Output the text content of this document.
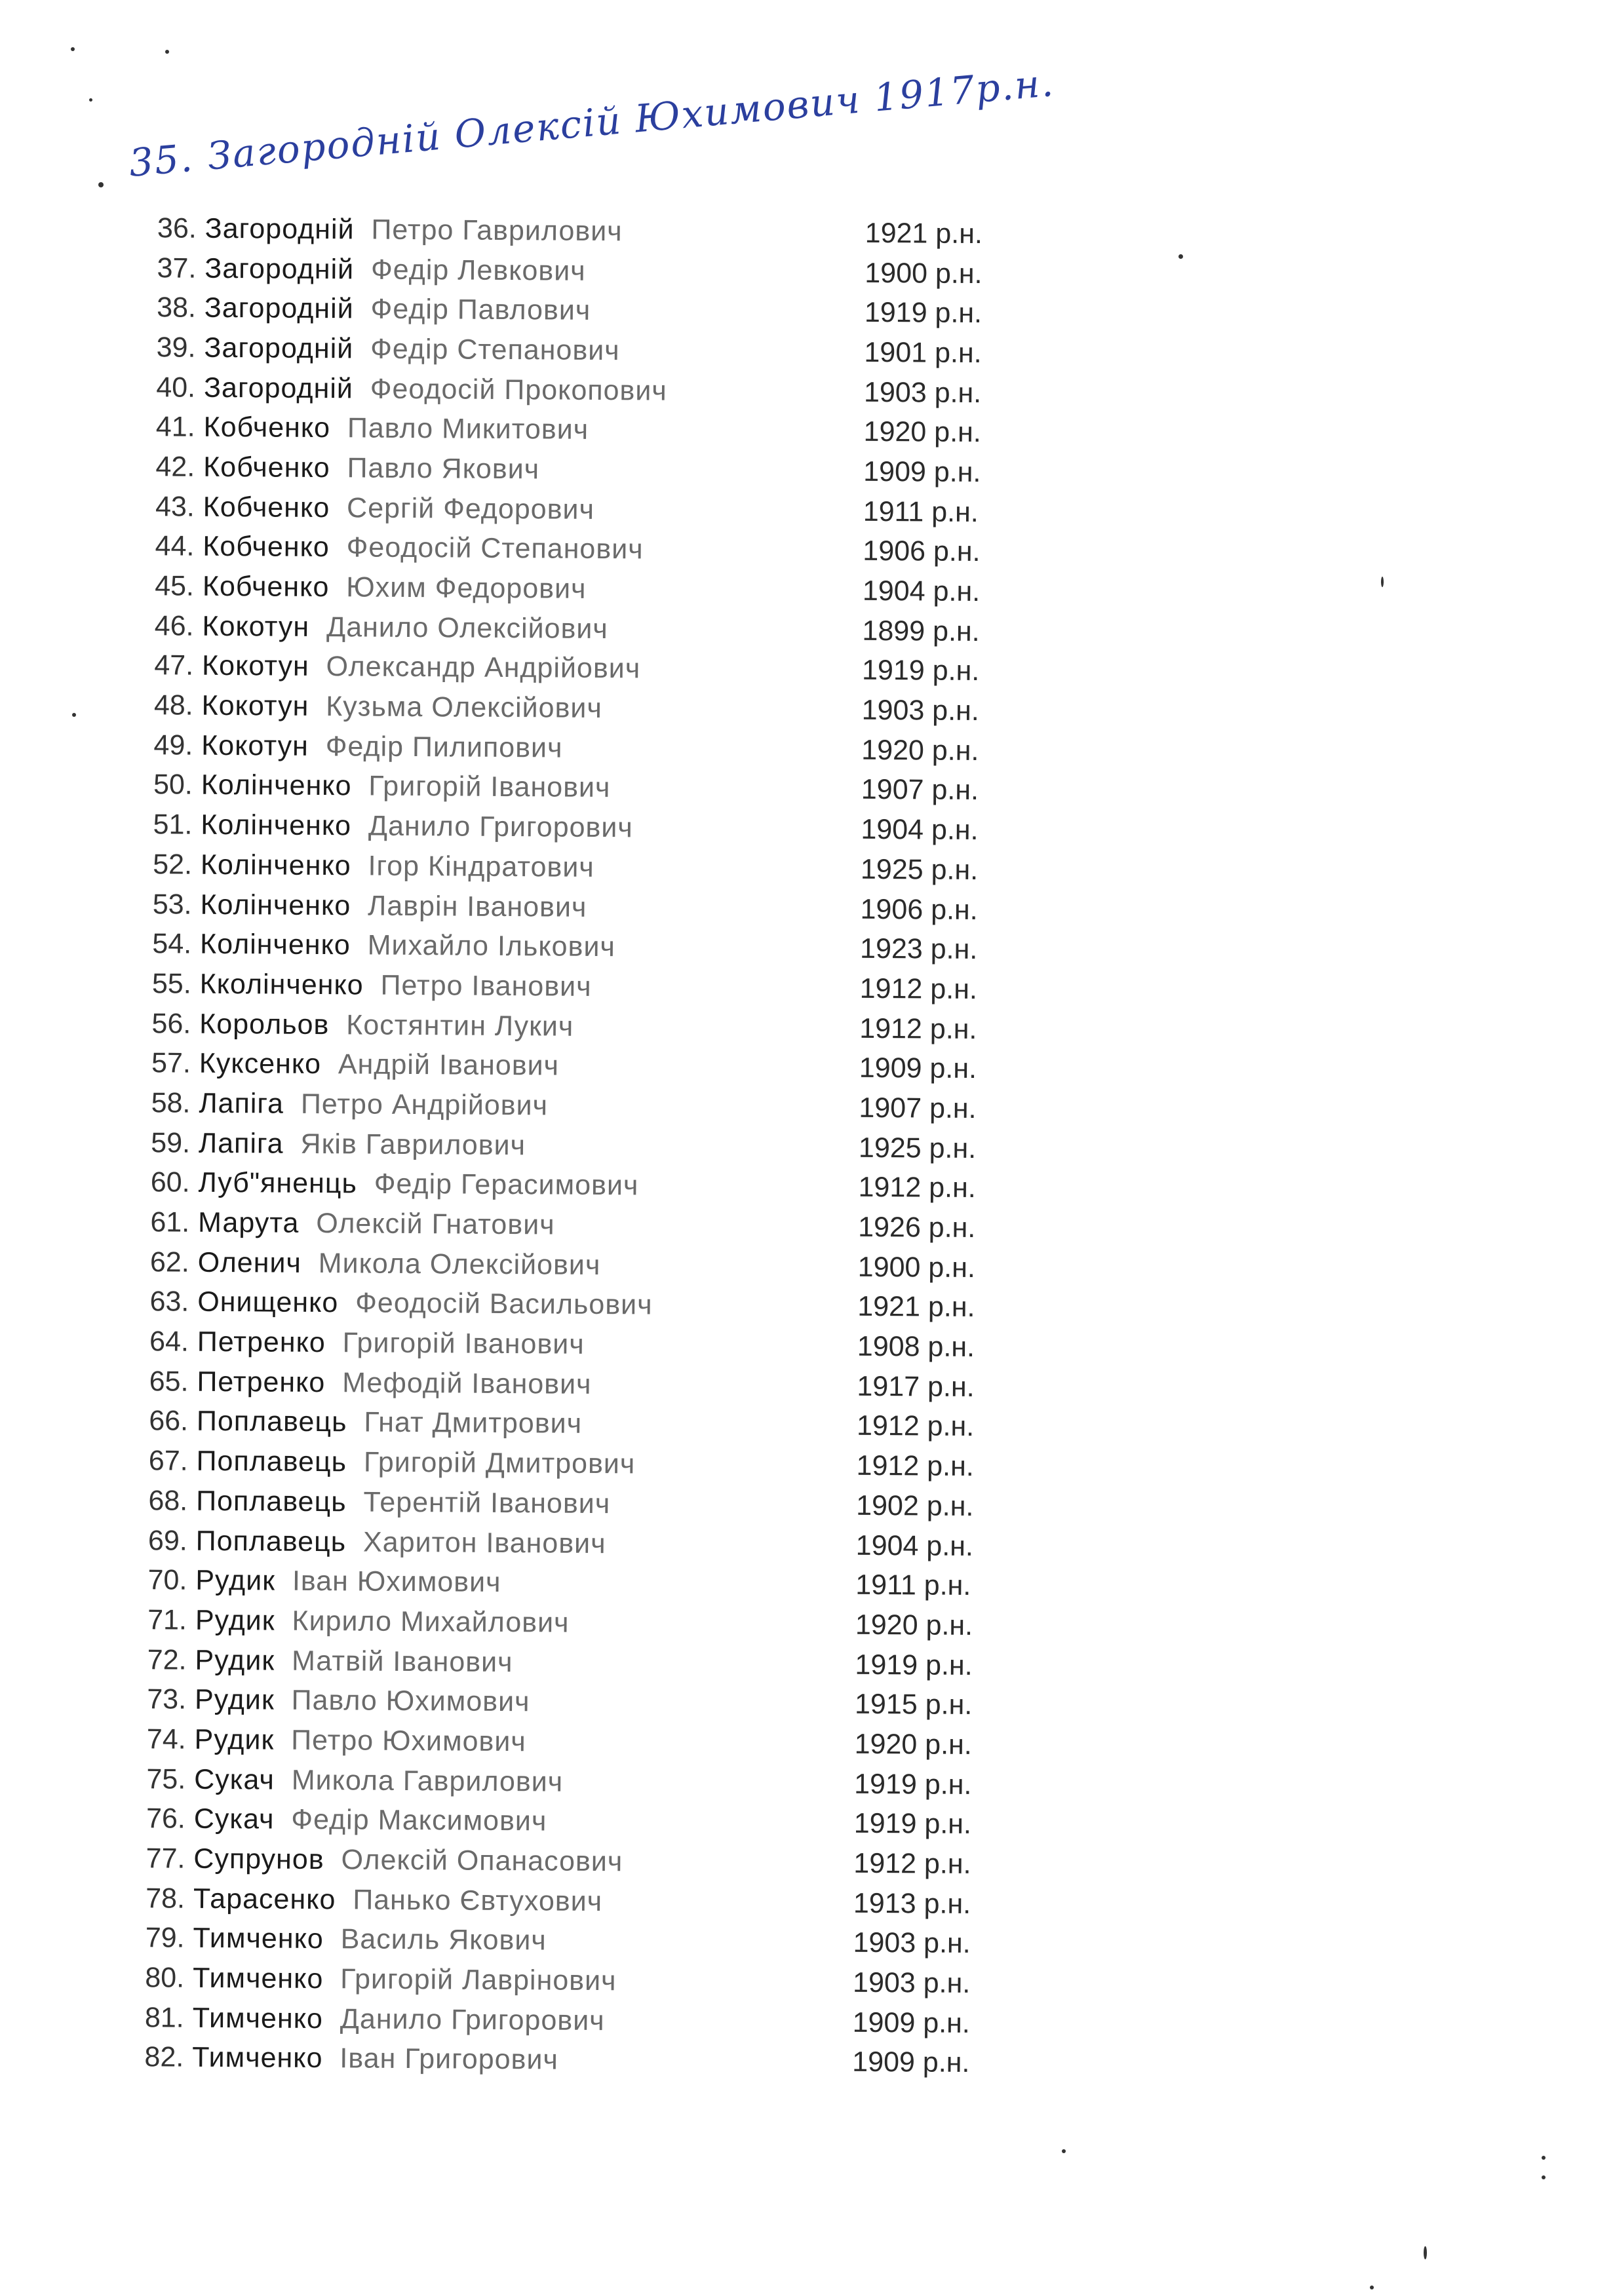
35. Загородній Олексій Юхимович 1917р.н.
36. Загородній Петро Гаврилович	1921 р.н.
37. Загородній Федір Левкович	1900 р.н.
38. Загородній Федір Павлович	1919 р.н.
39. Загородній Федір Степанович	1901 р.н.
40. Загородній Феодосій Прокопович	1903 р.н.
41. Кобченко Павло Микитович	1920 р.н.
42. Кобченко Павло Якович	1909 р.н.
43. Кобченко Сергій Федорович	1911 р.н.
44. Кобченко Феодосій Степанович	1906 р.н.
45. Кобченко Юхим Федорович	1904 р.н.
46. Кокотун Данило Олексійович	1899 р.н.
47. Кокотун Олександр Андрійович	1919 р.н.
48. Кокотун Кузьма Олексійович	1903 р.н.
49. Кокотун Федір Пилипович	1920 р.н.
50. Колінченко Григорій Іванович	1907 р.н.
51. Колінченко Данило Григорович	1904 р.н.
52. Колінченко Ігор Кіндратович	1925 р.н.
53. Колінченко Лаврін Іванович	1906 р.н.
54. Колінченко Михайло Ількович	1923 р.н.
55. Кколінченко Петро Іванович	1912 р.н.
56. Корольов Костянтин Лукич	1912 р.н.
57. Куксенко Андрій Іванович	1909 р.н.
58. Лапіга Петро Андрійович	1907 р.н.
59. Лапіга Яків Гаврилович	1925 р.н.
60. Луб"яненць Федір Герасимович	1912 р.н.
61. Марута Олексій Гнатович	1926 р.н.
62. Оленич Микола Олексійович	1900 р.н.
63. Онищенко Феодосій Васильович	1921 р.н.
64. Петренко Григорій Іванович	1908 р.н.
65. Петренко Мефодій Іванович	1917 р.н.
66. Поплавець Гнат Дмитрович	1912 р.н.
67. Поплавець Григорій Дмитрович	1912 р.н.
68. Поплавець Терентій Іванович	1902 р.н.
69. Поплавець Харитон Іванович	1904 р.н.
70. Рудик Іван Юхимович	1911 р.н.
71. Рудик Кирило Михайлович	1920 р.н.
72. Рудик Матвій Іванович	1919 р.н.
73. Рудик Павло Юхимович	1915 р.н.
74. Рудик Петро Юхимович	1920 р.н.
75. Сукач Микола Гаврилович	1919 р.н.
76. Сукач Федір Максимович	1919 р.н.
77. Супрунов Олексій Опанасович	1912 р.н.
78. Тарасенко Панько Євтухович	1913 р.н.
79. Тимченко Василь Якович	1903 р.н.
80. Тимченко Григорій Лаврінович	1903 р.н.
81. Тимченко Данило Григорович	1909 р.н.
82. Тимченко Іван Григорович	1909 р.н.
